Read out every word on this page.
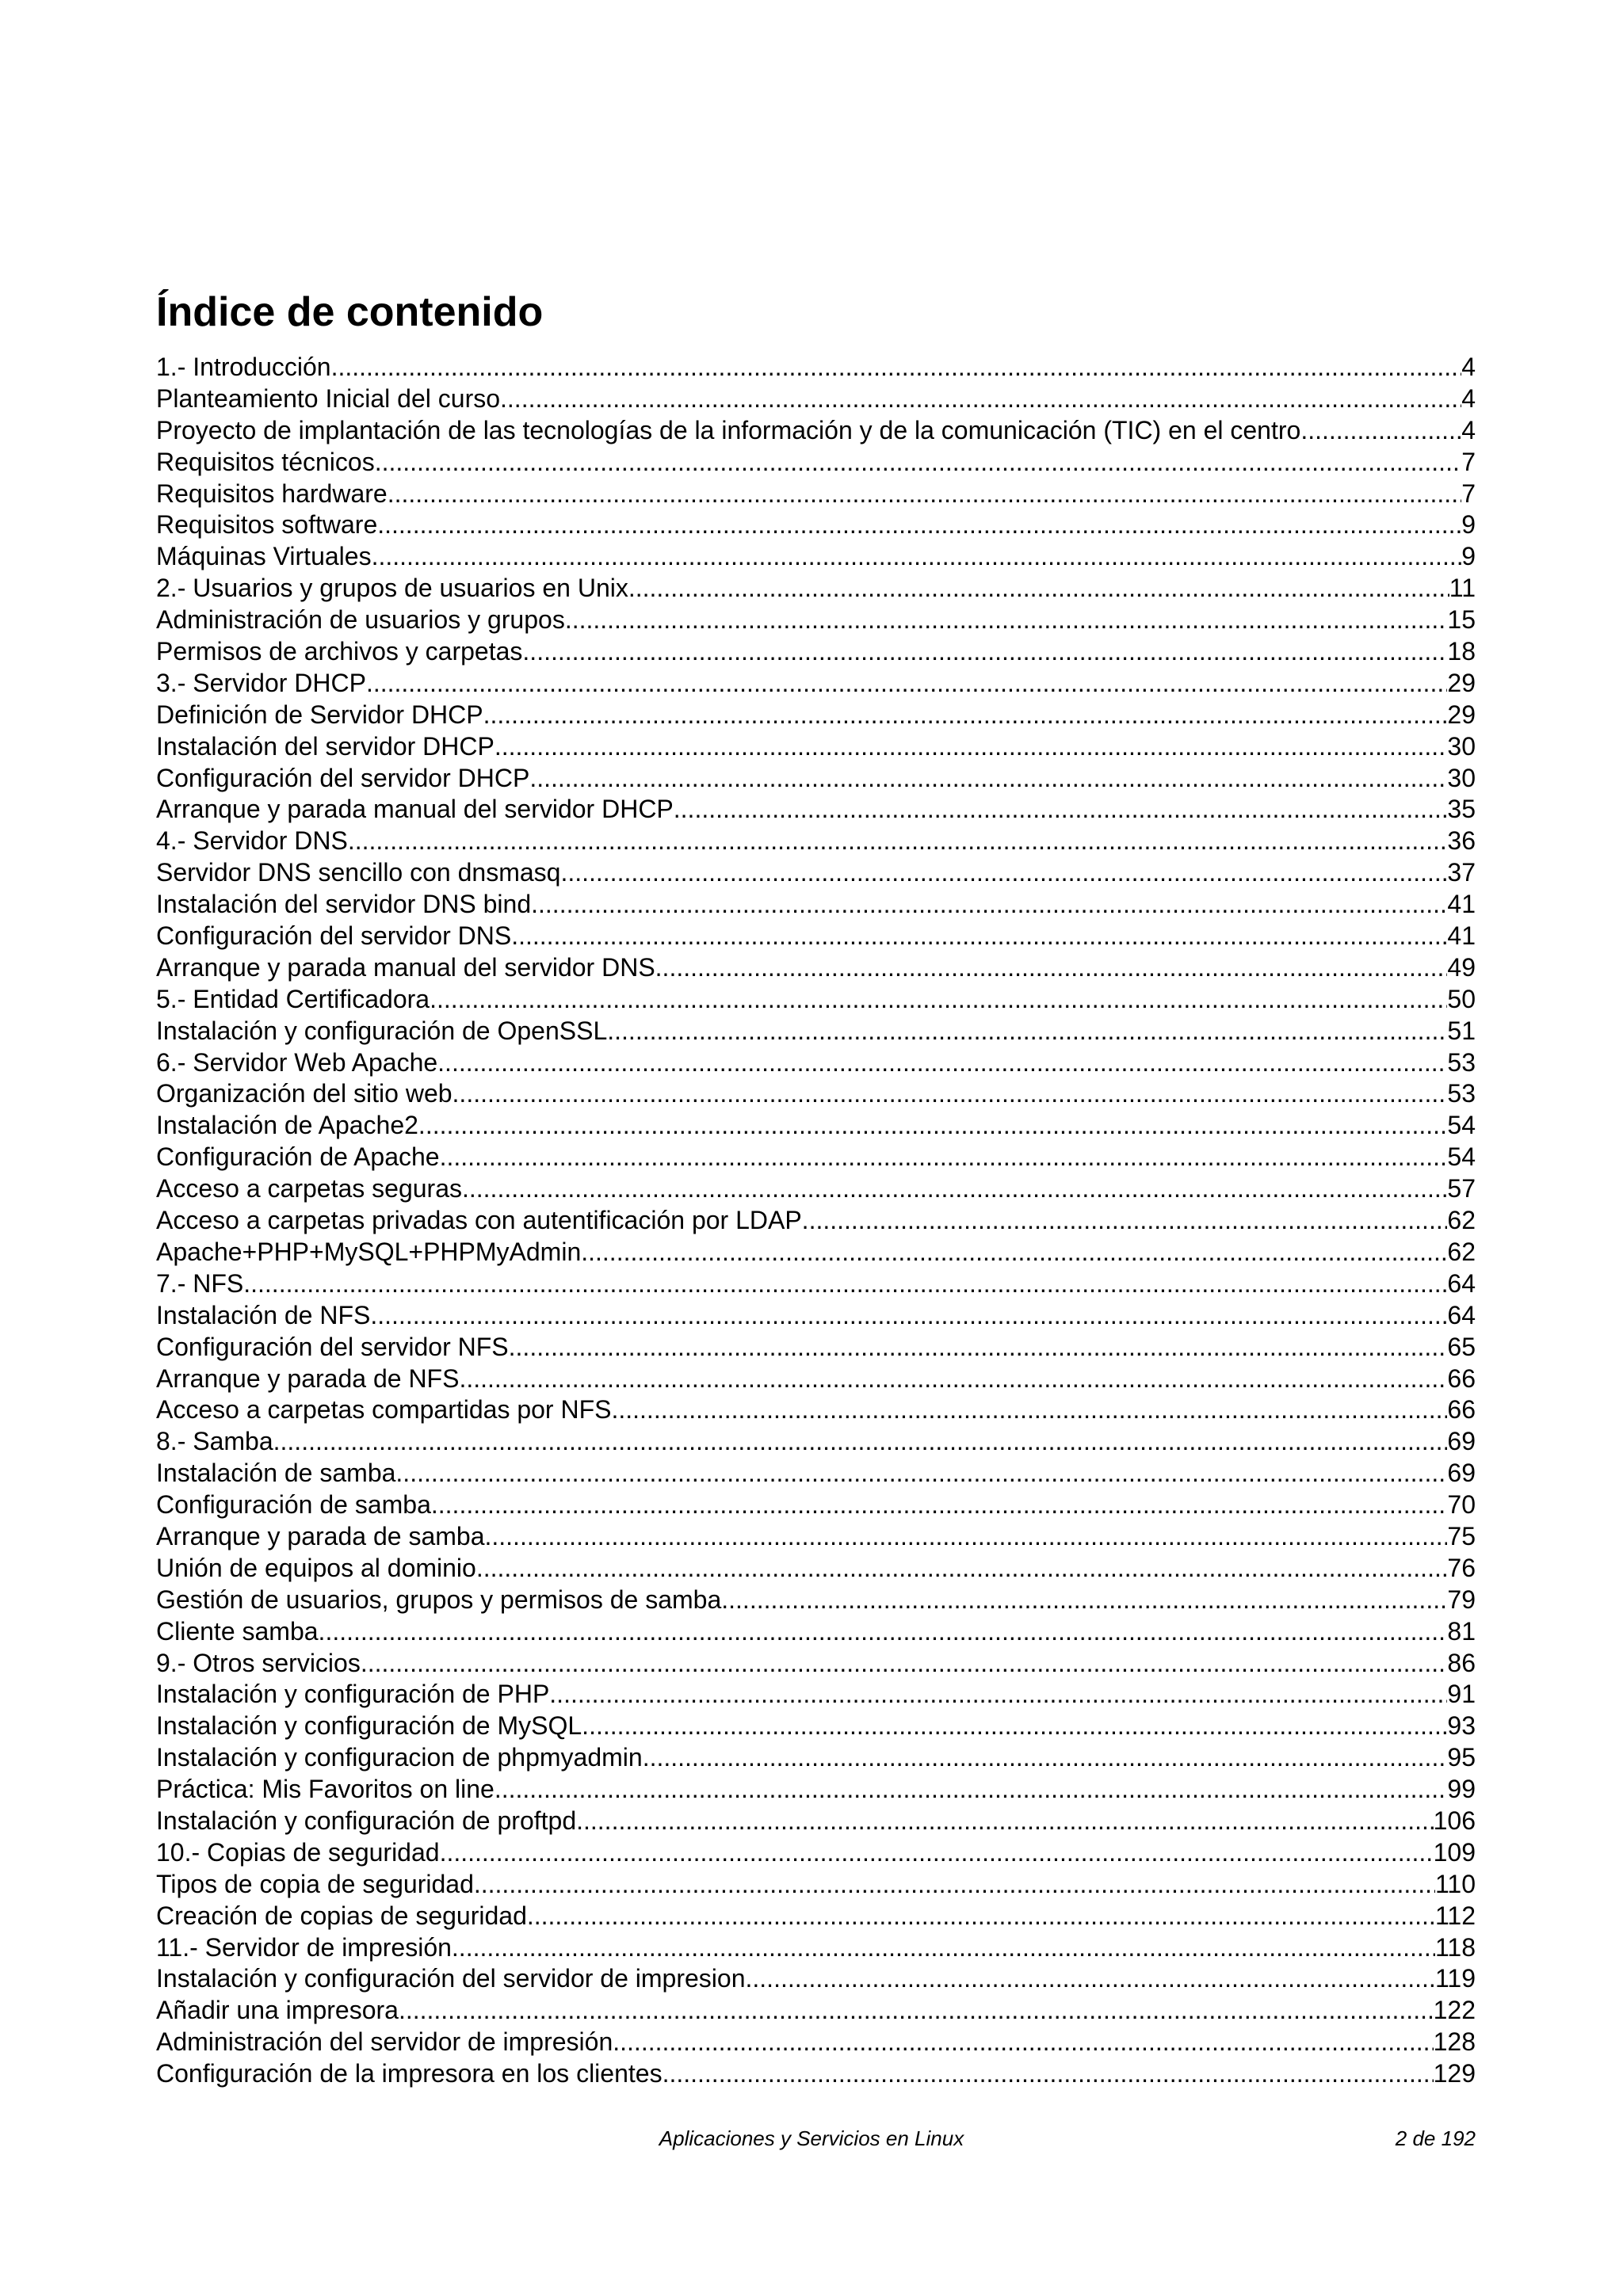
Índice de contenido
1.- Introducción .....	4
Planteamiento Inicial del curso .....	4
Proyecto de implantación de las tecnologías de la información y de la comunicación (TIC) en el centro .....	4
Requisitos técnicos .....	7
Requisitos hardware .....	7
Requisitos software .....	9
Máquinas Virtuales .....	9
2.- Usuarios y grupos de usuarios en Unix .....	11
Administración de usuarios y grupos .....	15
Permisos de archivos y carpetas .....	18
3.- Servidor DHCP .....	29
Definición de Servidor DHCP .....	29
Instalación del servidor DHCP .....	30
Configuración del servidor DHCP .....	30
Arranque y parada manual del servidor DHCP .....	35
4.- Servidor DNS .....	36
Servidor DNS sencillo con dnsmasq .....	37
Instalación del servidor DNS bind .....	41
Configuración del servidor DNS .....	41
Arranque y parada manual del servidor DNS .....	49
5.- Entidad Certificadora .....	50
Instalación y configuración de OpenSSL .....	51
6.- Servidor Web Apache .....	53
Organización del sitio web .....	53
Instalación de Apache2 .....	54
Configuración de Apache .....	54
Acceso a carpetas seguras .....	57
Acceso a carpetas privadas con autentificación por LDAP .....	62
Apache+PHP+MySQL+PHPMyAdmin .....	62
7.- NFS .....	64
Instalación de NFS .....	64
Configuración del servidor NFS .....	65
Arranque y parada de NFS .....	66
Acceso a carpetas compartidas por NFS .....	66
8.- Samba .....	69
Instalación de samba .....	69
Configuración de samba .....	70
Arranque y parada de samba .....	75
Unión de equipos al dominio .....	76
Gestión de usuarios, grupos y permisos de samba .....	79
Cliente samba .....	81
9.- Otros servicios .....	86
Instalación y configuración de PHP .....	91
Instalación y configuración de MySQL .....	93
Instalación y configuracion de phpmyadmin .....	95
Práctica: Mis Favoritos on line .....	99
Instalación y configuración de proftpd .....	106
10.- Copias de seguridad .....	109
Tipos de copia de seguridad .....	110
Creación de copias de seguridad .....	112
11.- Servidor de impresión .....	118
Instalación y configuración del servidor de impresion .....	119
Añadir una impresora .....	122
Administración del servidor de impresión .....	128
Configuración de la impresora en los clientes .....	129
Aplicaciones y Servicios en Linux	2 de 192
